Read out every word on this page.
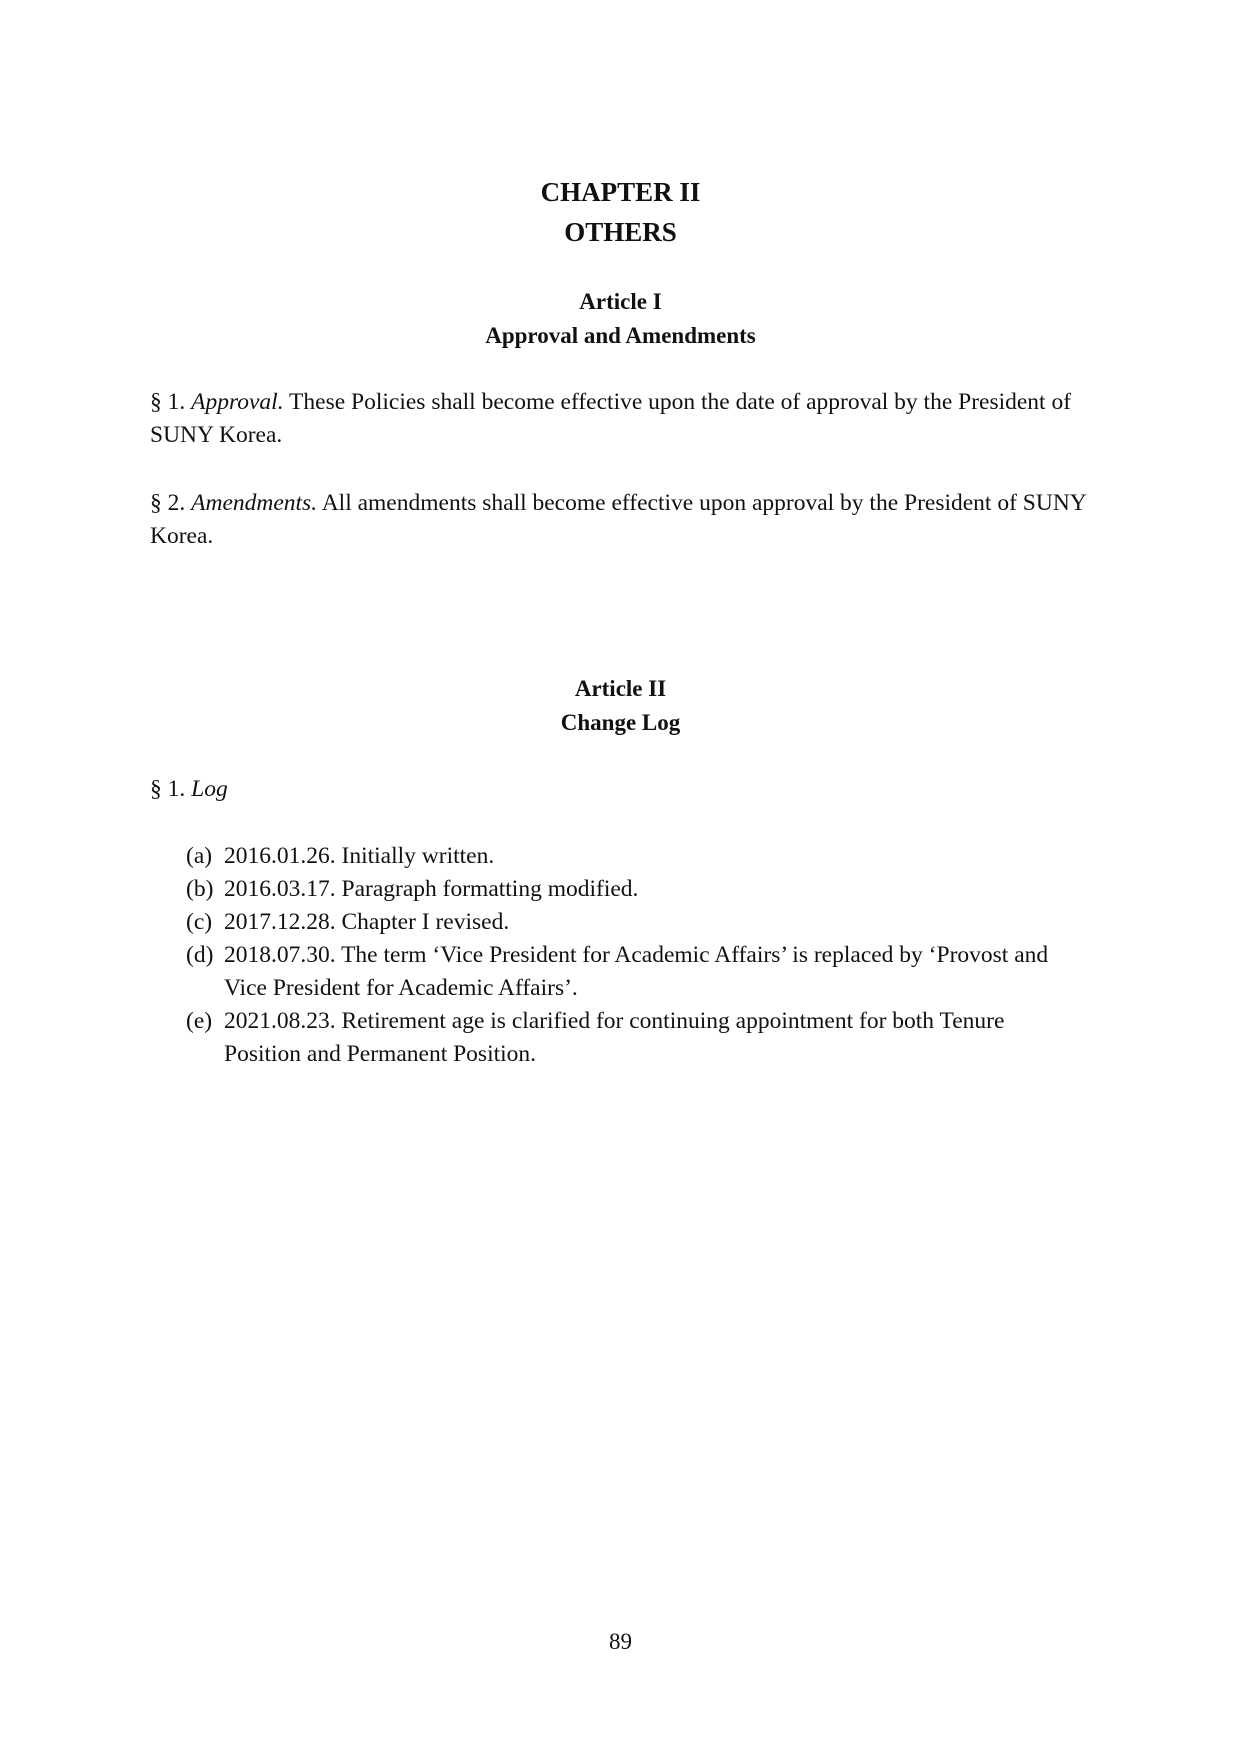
CHAPTER II
OTHERS
Article I
Approval and Amendments

§ 1. Approval. These Policies shall become effective upon the date of approval by the President of SUNY Korea.

§ 2. Amendments. All amendments shall become effective upon approval by the President of SUNY Korea.

Article II
Change Log

§ 1. Log

(a) 2016.01.26. Initially written.
(b) 2016.03.17. Paragraph formatting modified.
(c) 2017.12.28. Chapter I revised.
(d) 2018.07.30. The term ‘Vice President for Academic Affairs’ is replaced by ‘Provost and Vice President for Academic Affairs’.
(e) 2021.08.23. Retirement age is clarified for continuing appointment for both Tenure Position and Permanent Position.

89
